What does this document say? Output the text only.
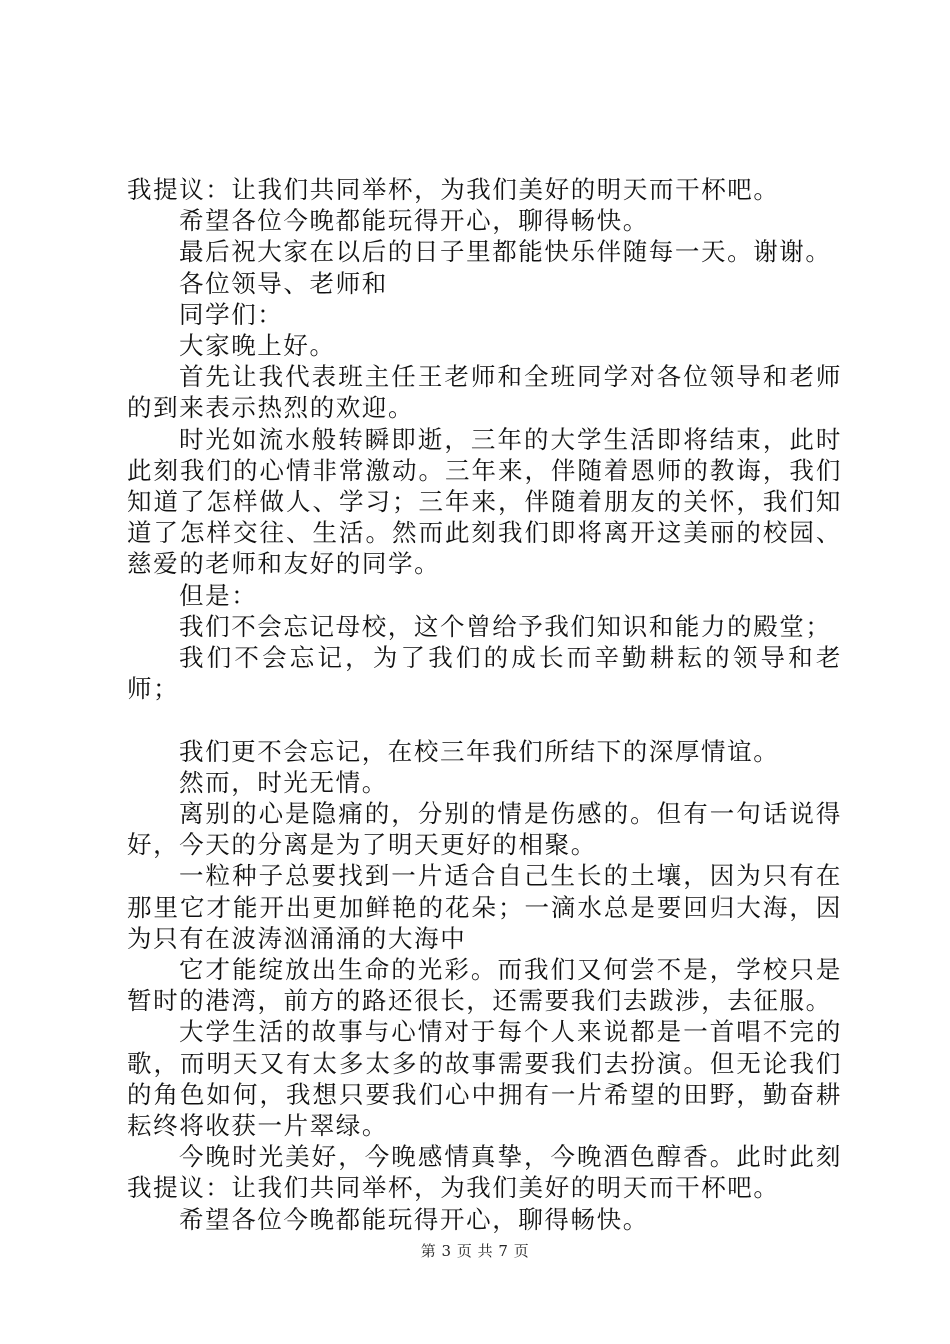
我提议：让我们共同举杯，为我们美好的明天而干杯吧。

希望各位今晚都能玩得开心，聊得畅快。

最后祝大家在以后的日子里都能快乐伴随每一天。谢谢。

各位领导、老师和

同学们：

大家晚上好。

首先让我代表班主任王老师和全班同学对各位领导和老师的到来表示热烈的欢迎。

时光如流水般转瞬即逝，三年的大学生活即将结束，此时此刻我们的心情非常激动。三年来，伴随着恩师的教诲，我们知道了怎样做人、学习；三年来，伴随着朋友的关怀，我们知道了怎样交往、生活。然而此刻我们即将离开这美丽的校园、慈爱的老师和友好的同学。

但是：

我们不会忘记母校，这个曾给予我们知识和能力的殿堂；

我们不会忘记，为了我们的成长而辛勤耕耘的领导和老师；

我们更不会忘记，在校三年我们所结下的深厚情谊。

然而，时光无情。

离别的心是隐痛的，分别的情是伤感的。但有一句话说得好，今天的分离是为了明天更好的相聚。

一粒种子总要找到一片适合自己生长的土壤，因为只有在那里它才能开出更加鲜艳的花朵；一滴水总是要回归大海，因为只有在波涛汹涌涌的大海中

它才能绽放出生命的光彩。而我们又何尝不是，学校只是暂时的港湾，前方的路还很长，还需要我们去跋涉，去征服。

大学生活的故事与心情对于每个人来说都是一首唱不完的歌，而明天又有太多太多的故事需要我们去扮演。但无论我们的角色如何，我想只要我们心中拥有一片希望的田野，勤奋耕耘终将收获一片翠绿。

今晚时光美好，今晚感情真挚，今晚酒色醇香。此时此刻我提议：让我们共同举杯，为我们美好的明天而干杯吧。

希望各位今晚都能玩得开心，聊得畅快。

第 3 页 共 7 页
